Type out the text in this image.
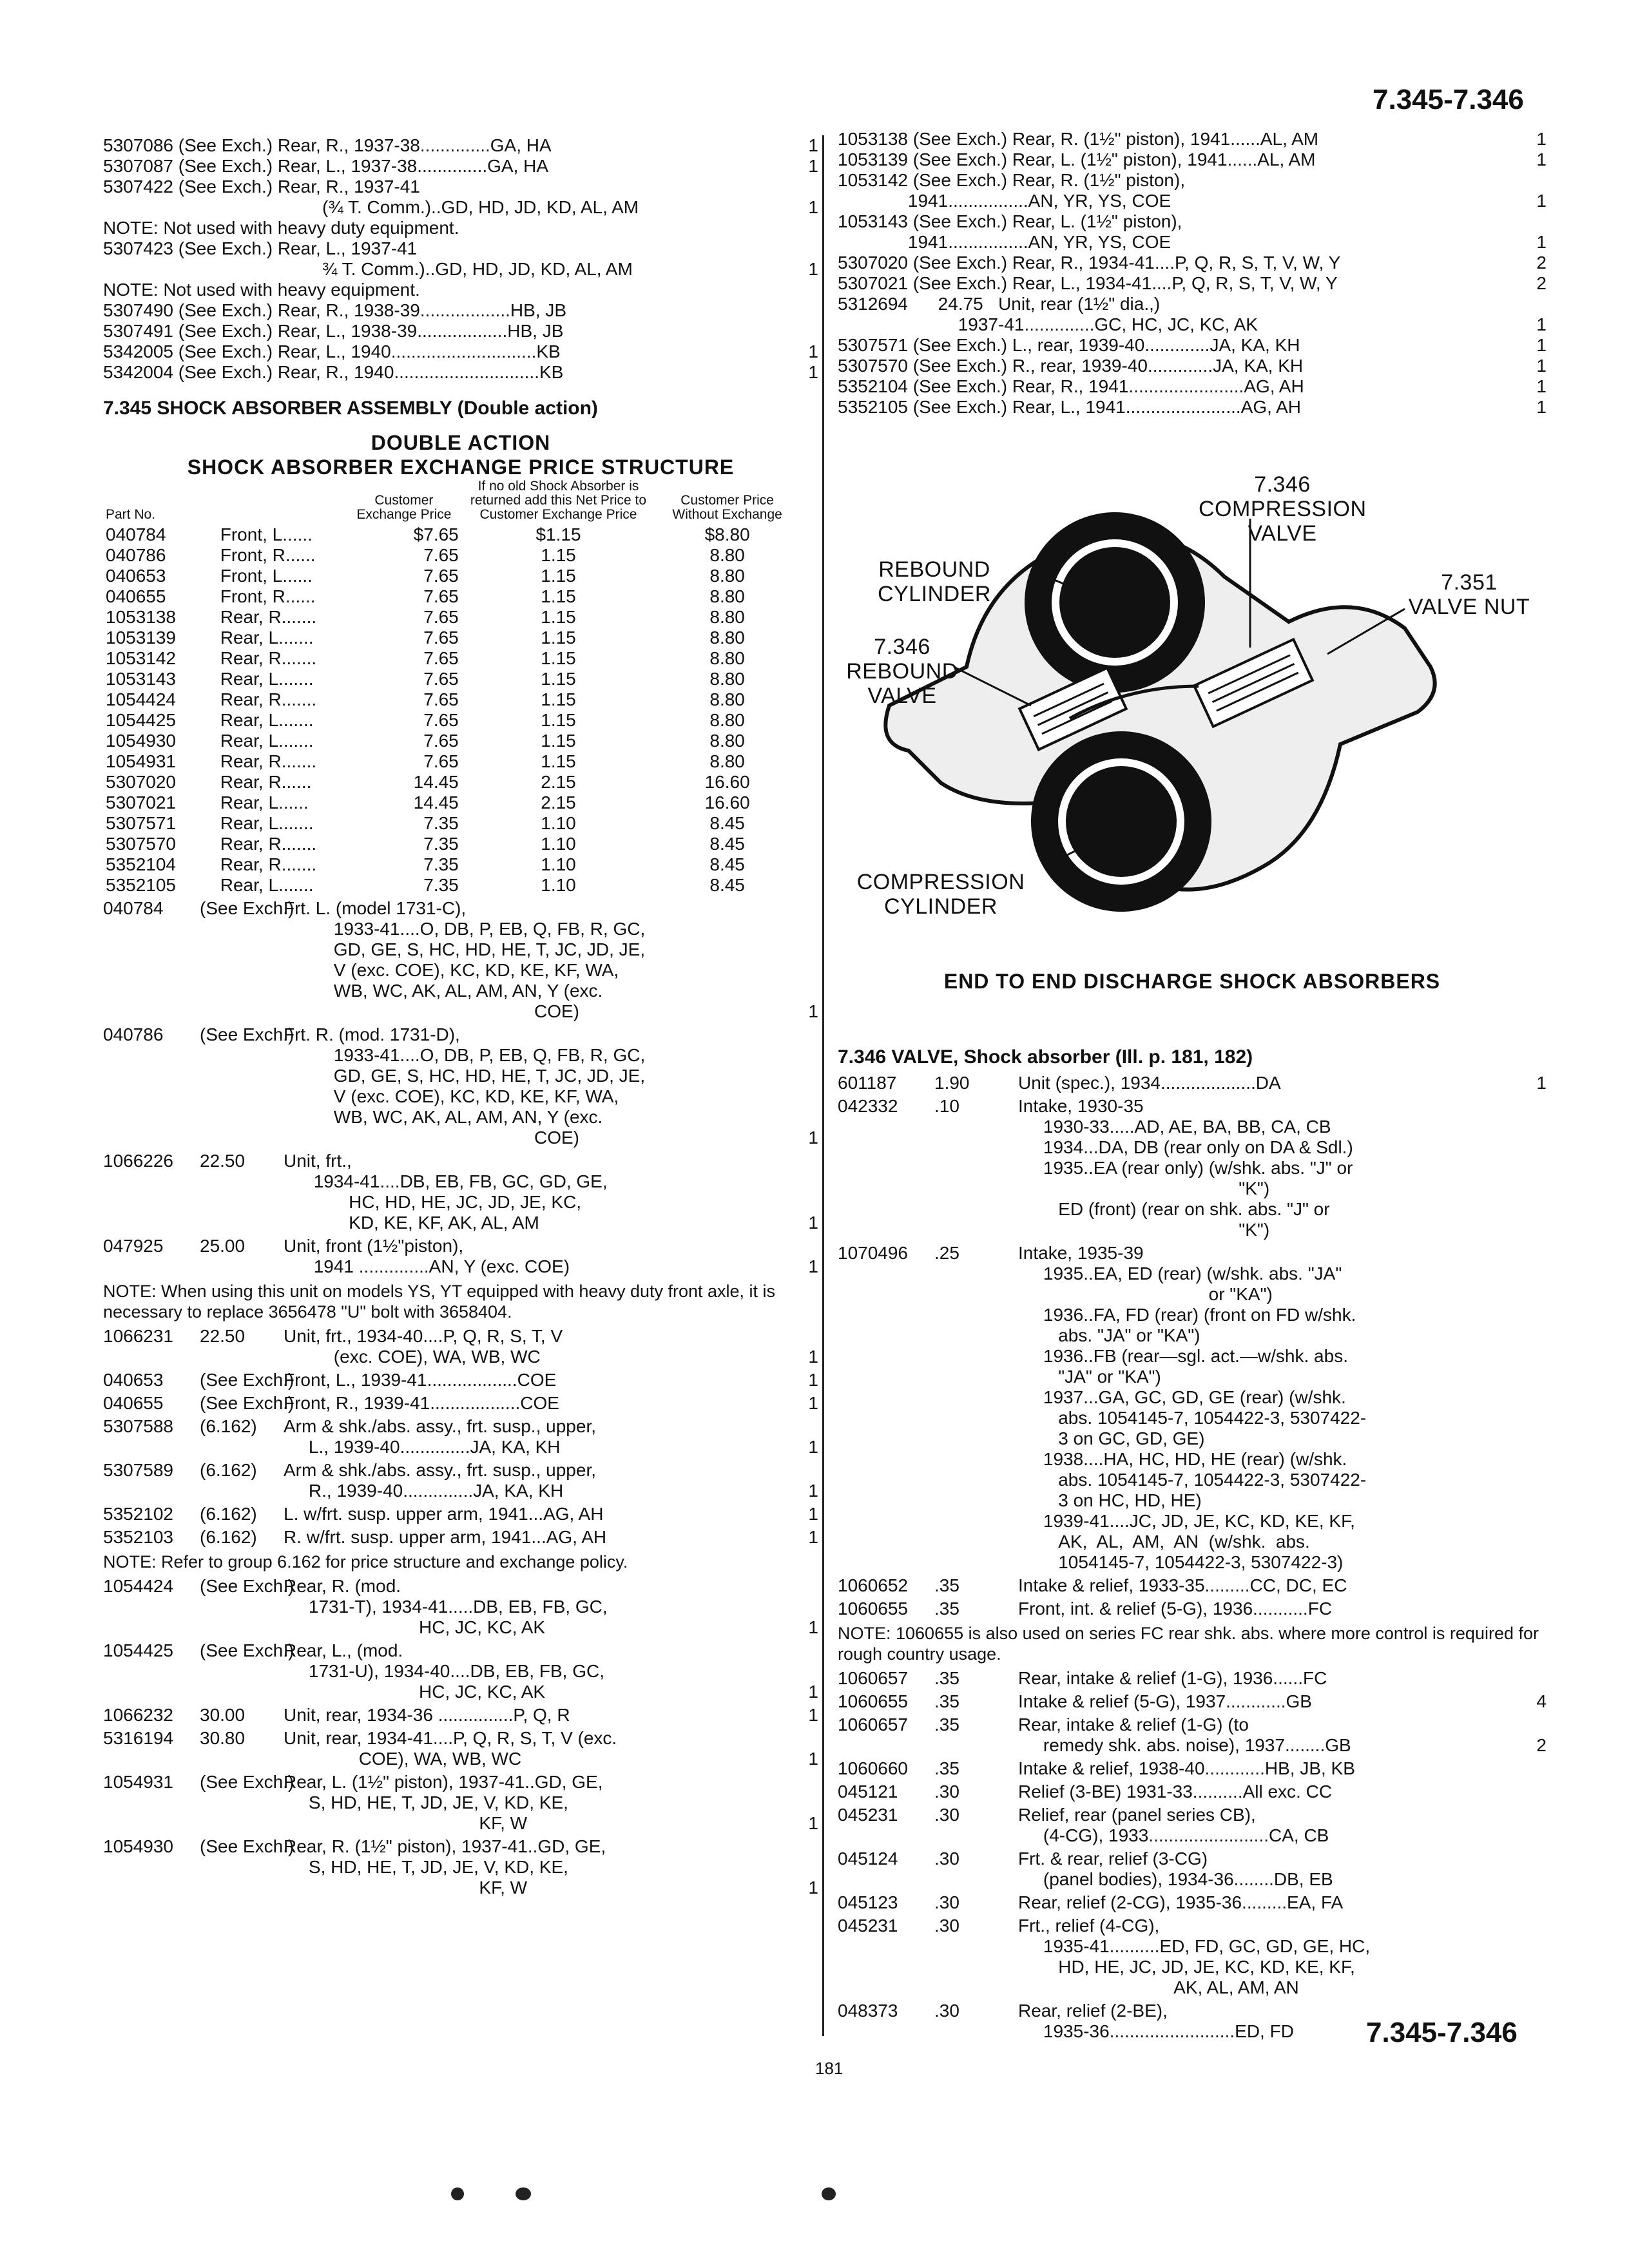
7.345-7.346
5307086 (See Exch.) Rear, R., 1937-38..............GA, HA	1
5307087 (See Exch.) Rear, L., 1937-38..............GA, HA	1
5307422 (See Exch.) Rear, R., 1937-41
(¾ T. Comm.)..GD, HD, JD, KD, AL, AM	1
NOTE: Not used with heavy duty equipment.
5307423 (See Exch.) Rear, L., 1937-41
¾ T. Comm.)..GD, HD, JD, KD, AL, AM	1
NOTE: Not used with heavy equipment.
5307490 (See Exch.) Rear, R., 1938-39..................HB, JB
5307491 (See Exch.) Rear, L., 1938-39..................HB, JB
5342005 (See Exch.) Rear, L., 1940.............................KB	1
5342004 (See Exch.) Rear, R., 1940.............................KB	1
7.345 SHOCK ABSORBER ASSEMBLY (Double action)
DOUBLE ACTION
SHOCK ABSORBER EXCHANGE PRICE STRUCTURE
Part No.		Customer Exchange Price	If no old Shock Absorber is returned add this Net Price to Customer Exchange Price	Customer Price Without Exchange
040784	Front, L......	$7.65	$1.15	$8.80
040786	Front, R......	7.65	1.15	8.80
040653	Front, L......	7.65	1.15	8.80
040655	Front, R......	7.65	1.15	8.80
1053138	Rear, R.......	7.65	1.15	8.80
1053139	Rear, L.......	7.65	1.15	8.80
1053142	Rear, R.......	7.65	1.15	8.80
1053143	Rear, L.......	7.65	1.15	8.80
1054424	Rear, R.......	7.65	1.15	8.80
1054425	Rear, L.......	7.65	1.15	8.80
1054930	Rear, L.......	7.65	1.15	8.80
1054931	Rear, R.......	7.65	1.15	8.80
5307020	Rear, R......	14.45	2.15	16.60
5307021	Rear, L......	14.45	2.15	16.60
5307571	Rear, L.......	7.35	1.10	8.45
5307570	Rear, R.......	7.35	1.10	8.45
5352104	Rear, R.......	7.35	1.10	8.45
5352105	Rear, L.......	7.35	1.10	8.45
040784	(See Exch.)
Frt. L. (model 1731-C),
1933-41....O, DB, P, EB, Q, FB, R, GC,
GD, GE, S, HC, HD, HE, T, JC, JD, JE,
V (exc. COE), KC, KD, KE, KF, WA,
WB, WC, AK, AL, AM, AN, Y (exc.
COE)	1
040786	(See Exch.)
Frt. R. (mod. 1731-D),
1933-41....O, DB, P, EB, Q, FB, R, GC,
GD, GE, S, HC, HD, HE, T, JC, JD, JE,
V (exc. COE), KC, KD, KE, KF, WA,
WB, WC, AK, AL, AM, AN, Y (exc.
COE)	1
1066226	22.50	Unit, frt.,
1934-41....DB, EB, FB, GC, GD, GE,
HC, HD, HE, JC, JD, JE, KC,
KD, KE, KF, AK, AL, AM	1
047925	25.00	Unit, front (1½"piston),
1941 ..............AN, Y (exc. COE)	1
NOTE: When using this unit on models YS, YT equipped with heavy duty front axle, it is necessary to replace 3656478 "U" bolt with 3658404.
1066231	22.50	Unit, frt., 1934-40....P, Q, R, S, T, V
(exc. COE), WA, WB, WC	1
040653	(See Exch.)
Front, L., 1939-41..................COE	1
040655	(See Exch.)
Front, R., 1939-41..................COE	1
5307588	(6.162)	Arm & shk./abs. assy., frt. susp., upper,
L., 1939-40..............JA, KA, KH	1
5307589	(6.162)	Arm & shk./abs. assy., frt. susp., upper,
R., 1939-40..............JA, KA, KH	1
5352102	(6.162)	L. w/frt. susp. upper arm, 1941...AG, AH	1
5352103	(6.162)	R. w/frt. susp. upper arm, 1941...AG, AH	1
NOTE: Refer to group 6.162 for price structure and exchange policy.
1054424	(See Exch.)
Rear, R. (mod.
1731-T), 1934-41.....DB, EB, FB, GC,
HC, JC, KC, AK	1
1054425	(See Exch.)
Rear, L., (mod.
1731-U), 1934-40....DB, EB, FB, GC,
HC, JC, KC, AK	1
1066232	30.00	Unit, rear, 1934-36 ...............P, Q, R	1
5316194	30.80	Unit, rear, 1934-41....P, Q, R, S, T, V (exc.
COE), WA, WB, WC	1
1054931	(See Exch.)
Rear, L. (1½" piston), 1937-41..GD, GE,
S, HD, HE, T, JD, JE, V, KD, KE,
KF, W	1
1054930	(See Exch.)
Rear, R. (1½" piston), 1937-41..GD, GE,
S, HD, HE, T, JD, JE, V, KD, KE,
KF, W	1
1053138 (See Exch.) Rear, R. (1½" piston), 1941......AL, AM	1
1053139 (See Exch.) Rear, L. (1½" piston), 1941......AL, AM	1
1053142 (See Exch.) Rear, R. (1½" piston),
1941................AN, YR, YS, COE	1
1053143 (See Exch.) Rear, L. (1½" piston),
1941................AN, YR, YS, COE	1
5307020 (See Exch.) Rear, R., 1934-41....P, Q, R, S, T, V, W, Y	2
5307021 (See Exch.) Rear, L., 1934-41....P, Q, R, S, T, V, W, Y	2
5312694      24.75   Unit, rear (1½" dia.,)
1937-41..............GC, HC, JC, KC, AK	1
5307571 (See Exch.) L., rear, 1939-40.............JA, KA, KH	1
5307570 (See Exch.) R., rear, 1939-40.............JA, KA, KH	1
5352104 (See Exch.) Rear, R., 1941.......................AG, AH	1
5352105 (See Exch.) Rear, L., 1941.......................AG, AH	1
7.346
COMPRESSION
VALVE
REBOUND
CYLINDER	7.351
VALVE NUT
7.346
REBOUND
VALVE
COMPRESSION
CYLINDER
END TO END DISCHARGE SHOCK ABSORBERS
7.346 VALVE, Shock absorber (Ill. p. 181, 182)
601187	1.90	Unit (spec.), 1934...................DA	1
042332	.10	Intake, 1930-35
1930-33.....AD, AE, BA, BB, CA, CB
1934...DA, DB (rear only on DA & Sdl.)
1935..EA (rear only) (w/shk. abs. "J" or
"K")
ED (front) (rear on shk. abs. "J" or
"K")
1070496	.25	Intake, 1935-39
1935..EA, ED (rear) (w/shk. abs. "JA"
or "KA")
1936..FA, FD (rear) (front on FD w/shk.
abs. "JA" or "KA")
1936..FB (rear—sgl. act.—w/shk. abs.
"JA" or "KA")
1937...GA, GC, GD, GE (rear) (w/shk.
abs. 1054145-7, 1054422-3, 5307422-
3 on GC, GD, GE)
1938....HA, HC, HD, HE (rear) (w/shk.
abs. 1054145-7, 1054422-3, 5307422-
3 on HC, HD, HE)
1939-41....JC, JD, JE, KC, KD, KE, KF,
AK,  AL,  AM,  AN  (w/shk.  abs.
1054145-7, 1054422-3, 5307422-3)
1060652	.35	Intake & relief, 1933-35.........CC, DC, EC
1060655	.35	Front, int. & relief (5-G), 1936...........FC
NOTE: 1060655 is also used on series FC rear shk. abs. where more control is required for rough country usage.
1060657	.35	Rear, intake & relief (1-G), 1936......FC
1060655	.35	Intake & relief (5-G), 1937............GB	4
1060657	.35	Rear, intake & relief (1-G) (to
remedy shk. abs. noise), 1937........GB	2
1060660	.35	Intake & relief, 1938-40............HB, JB, KB
045121	.30	Relief (3-BE) 1931-33..........All exc. CC
045231	.30	Relief, rear (panel series CB),
(4-CG), 1933........................CA, CB
045124	.30	Frt. & rear, relief (3-CG)
(panel bodies), 1934-36........DB, EB
045123	.30	Rear, relief (2-CG), 1935-36.........EA, FA
045231	.30	Frt., relief (4-CG),
1935-41..........ED, FD, GC, GD, GE, HC,
HD, HE, JC, JD, JE, KC, KD, KE, KF,
AK, AL, AM, AN
048373	.30	Rear, relief (2-BE),
1935-36.........................ED, FD	7.345-7.346
181
